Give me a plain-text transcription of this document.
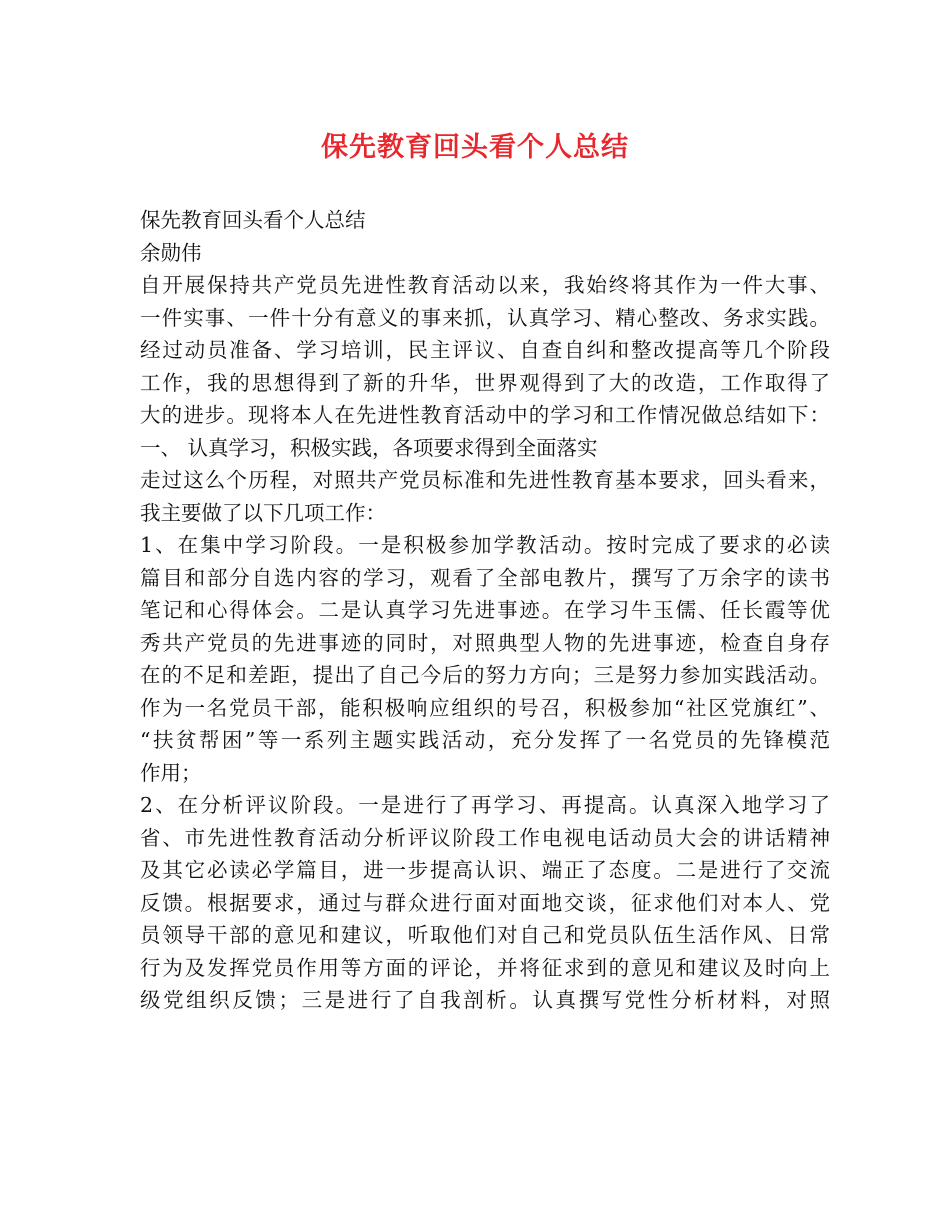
保先教育回头看个人总结
保先教育回头看个人总结
余勋伟
自开展保持共产党员先进性教育活动以来，我始终将其作为一件大事、
一件实事、一件十分有意义的事来抓，认真学习、精心整改、务求实践。
经过动员准备、学习培训，民主评议、自查自纠和整改提高等几个阶段
工作，我的思想得到了新的升华，世界观得到了大的改造，工作取得了
大的进步。现将本人在先进性教育活动中的学习和工作情况做总结如下：
一、 认真学习，积极实践，各项要求得到全面落实
走过这么个历程，对照共产党员标准和先进性教育基本要求，回头看来，
我主要做了以下几项工作：
1、在集中学习阶段。一是积极参加学教活动。按时完成了要求的必读
篇目和部分自选内容的学习，观看了全部电教片，撰写了万余字的读书
笔记和心得体会。二是认真学习先进事迹。在学习牛玉儒、任长霞等优
秀共产党员的先进事迹的同时，对照典型人物的先进事迹，检查自身存
在的不足和差距，提出了自己今后的努力方向；三是努力参加实践活动。
作为一名党员干部，能积极响应组织的号召，积极参加“社区党旗红”、
“扶贫帮困”等一系列主题实践活动，充分发挥了一名党员的先锋模范
作用；
2、在分析评议阶段。一是进行了再学习、再提高。认真深入地学习了
省、市先进性教育活动分析评议阶段工作电视电话动员大会的讲话精神
及其它必读必学篇目，进一步提高认识、端正了态度。二是进行了交流
反馈。根据要求，通过与群众进行面对面地交谈，征求他们对本人、党
员领导干部的意见和建议，听取他们对自己和党员队伍生活作风、日常
行为及发挥党员作用等方面的评论，并将征求到的意见和建议及时向上
级党组织反馈；三是进行了自我剖析。认真撰写党性分析材料，对照
